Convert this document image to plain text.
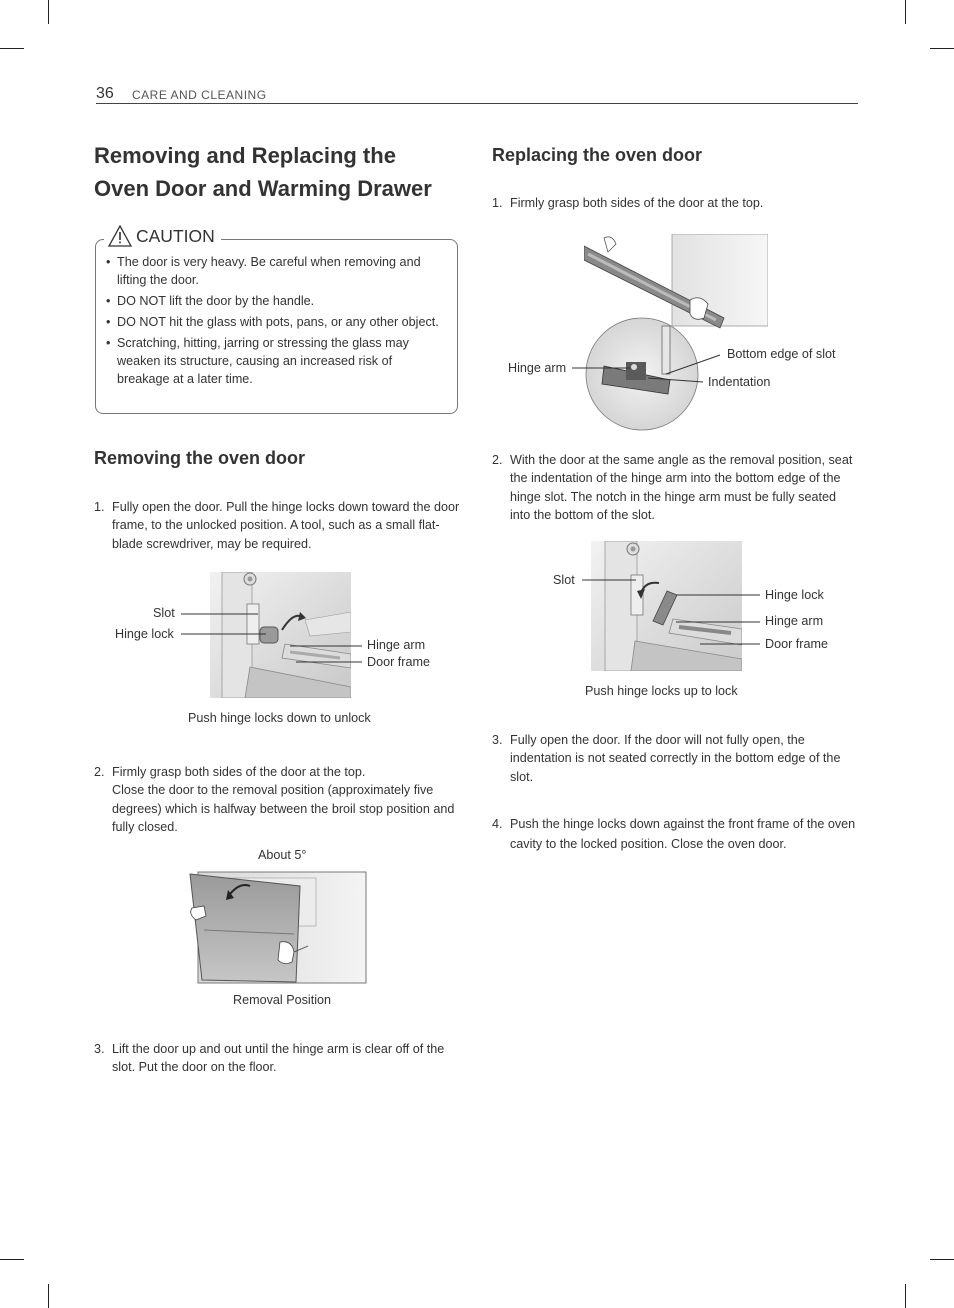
36 CARE AND CLEANING
Removing and Replacing the
Oven Door and Warming Drawer
CAUTION
• The door is very heavy. Be careful when removing and lifting the door.
• DO NOT lift the door by the handle.
• DO NOT hit the glass with pots, pans, or any other object.
• Scratching, hitting, jarring or stressing the glass may weaken its structure, causing an increased risk of breakage at a later time.
Removing the oven door
1. Fully open the door. Pull the hinge locks down toward the door frame, to the unlocked position. A tool, such as a small flat-blade screwdriver, may be required.
Slot
Hinge lock
Hinge arm
Door frame
Push hinge locks down to unlock
2. Firmly grasp both sides of the door at the top.
Close the door to the removal position (approximately five degrees) which is halfway between the broil stop position and fully closed.
About 5°
Removal Position
3. Lift the door up and out until the hinge arm is clear off of the slot. Put the door on the floor.
Replacing the oven door
1. Firmly grasp both sides of the door at the top.
Hinge arm
Bottom edge of slot
Indentation
2. With the door at the same angle as the removal position, seat the indentation of the hinge arm into the bottom edge of the hinge slot. The notch in the hinge arm must be fully seated into the bottom of the slot.
Slot
Hinge lock
Hinge arm
Door frame
Push hinge locks up to lock
3. Fully open the door. If the door will not fully open, the indentation is not seated correctly in the bottom edge of the slot.
4. Push the hinge locks down against the front frame of the oven cavity to the locked position. Close the oven door.
